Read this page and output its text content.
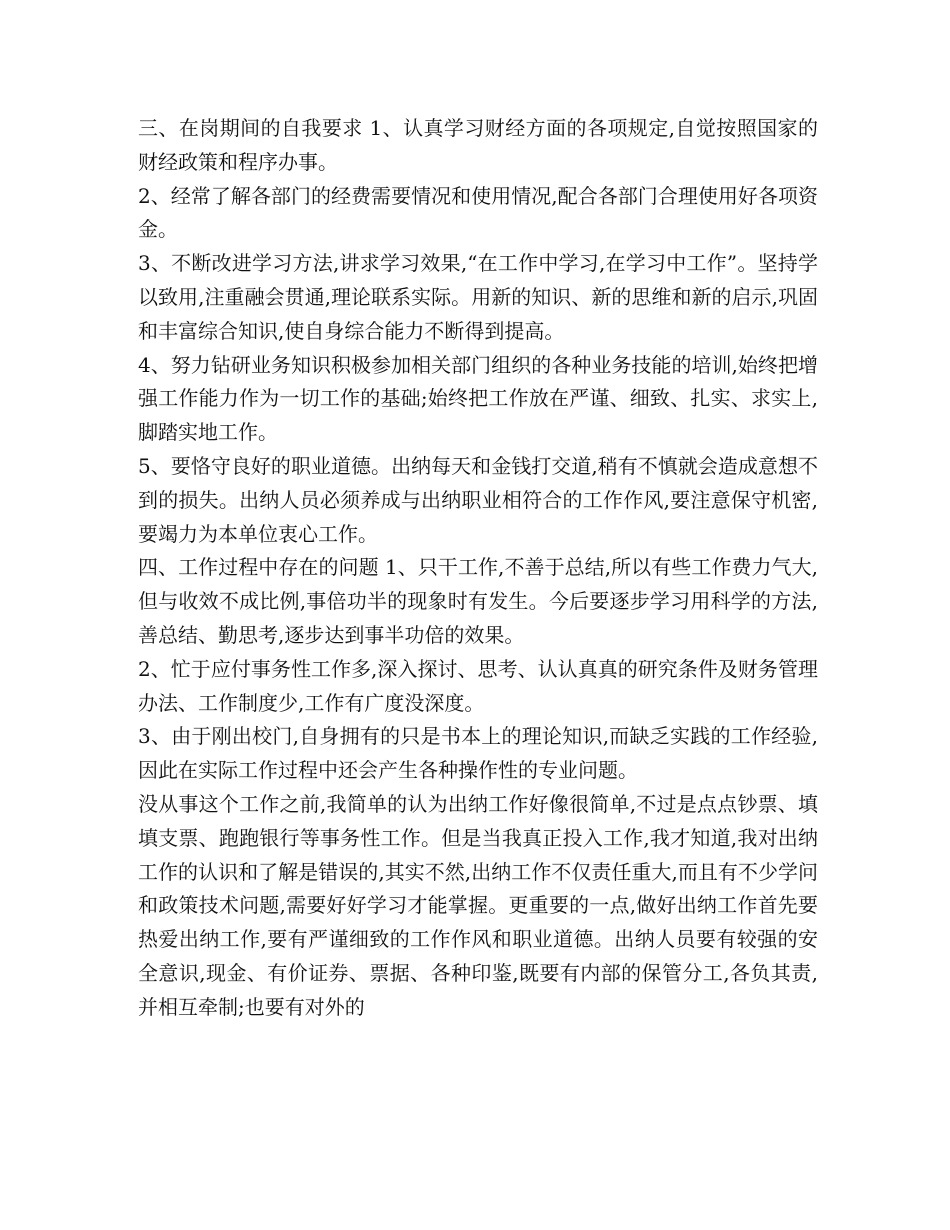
三、在岗期间的自我要求 1、认真学习财经方面的各项规定,自觉按照国家的财经政策和程序办事。

2、经常了解各部门的经费需要情况和使用情况,配合各部门合理使用好各项资金。

3、不断改进学习方法,讲求学习效果,“在工作中学习,在学习中工作”。坚持学以致用,注重融会贯通,理论联系实际。用新的知识、新的思维和新的启示,巩固和丰富综合知识,使自身综合能力不断得到提高。

4、努力钻研业务知识积极参加相关部门组织的各种业务技能的培训,始终把增强工作能力作为一切工作的基础;始终把工作放在严谨、细致、扎实、求实上,脚踏实地工作。

5、要恪守良好的职业道德。出纳每天和金钱打交道,稍有不慎就会造成意想不到的损失。出纳人员必须养成与出纳职业相符合的工作作风,要注意保守机密,要竭力为本单位衷心工作。

四、工作过程中存在的问题 1、只干工作,不善于总结,所以有些工作费力气大,但与收效不成比例,事倍功半的现象时有发生。今后要逐步学习用科学的方法,善总结、勤思考,逐步达到事半功倍的效果。

2、忙于应付事务性工作多,深入探讨、思考、认认真真的研究条件及财务管理办法、工作制度少,工作有广度没深度。

3、由于刚出校门,自身拥有的只是书本上的理论知识,而缺乏实践的工作经验,因此在实际工作过程中还会产生各种操作性的专业问题。

没从事这个工作之前,我简单的认为出纳工作好像很简单,不过是点点钞票、填填支票、跑跑银行等事务性工作。但是当我真正投入工作,我才知道,我对出纳工作的认识和了解是错误的,其实不然,出纳工作不仅责任重大,而且有不少学问和政策技术问题,需要好好学习才能掌握。更重要的一点,做好出纳工作首先要热爱出纳工作,要有严谨细致的工作作风和职业道德。出纳人员要有较强的安全意识,现金、有价证券、票据、各种印鉴,既要有内部的保管分工,各负其责,并相互牵制;也要有对外的
